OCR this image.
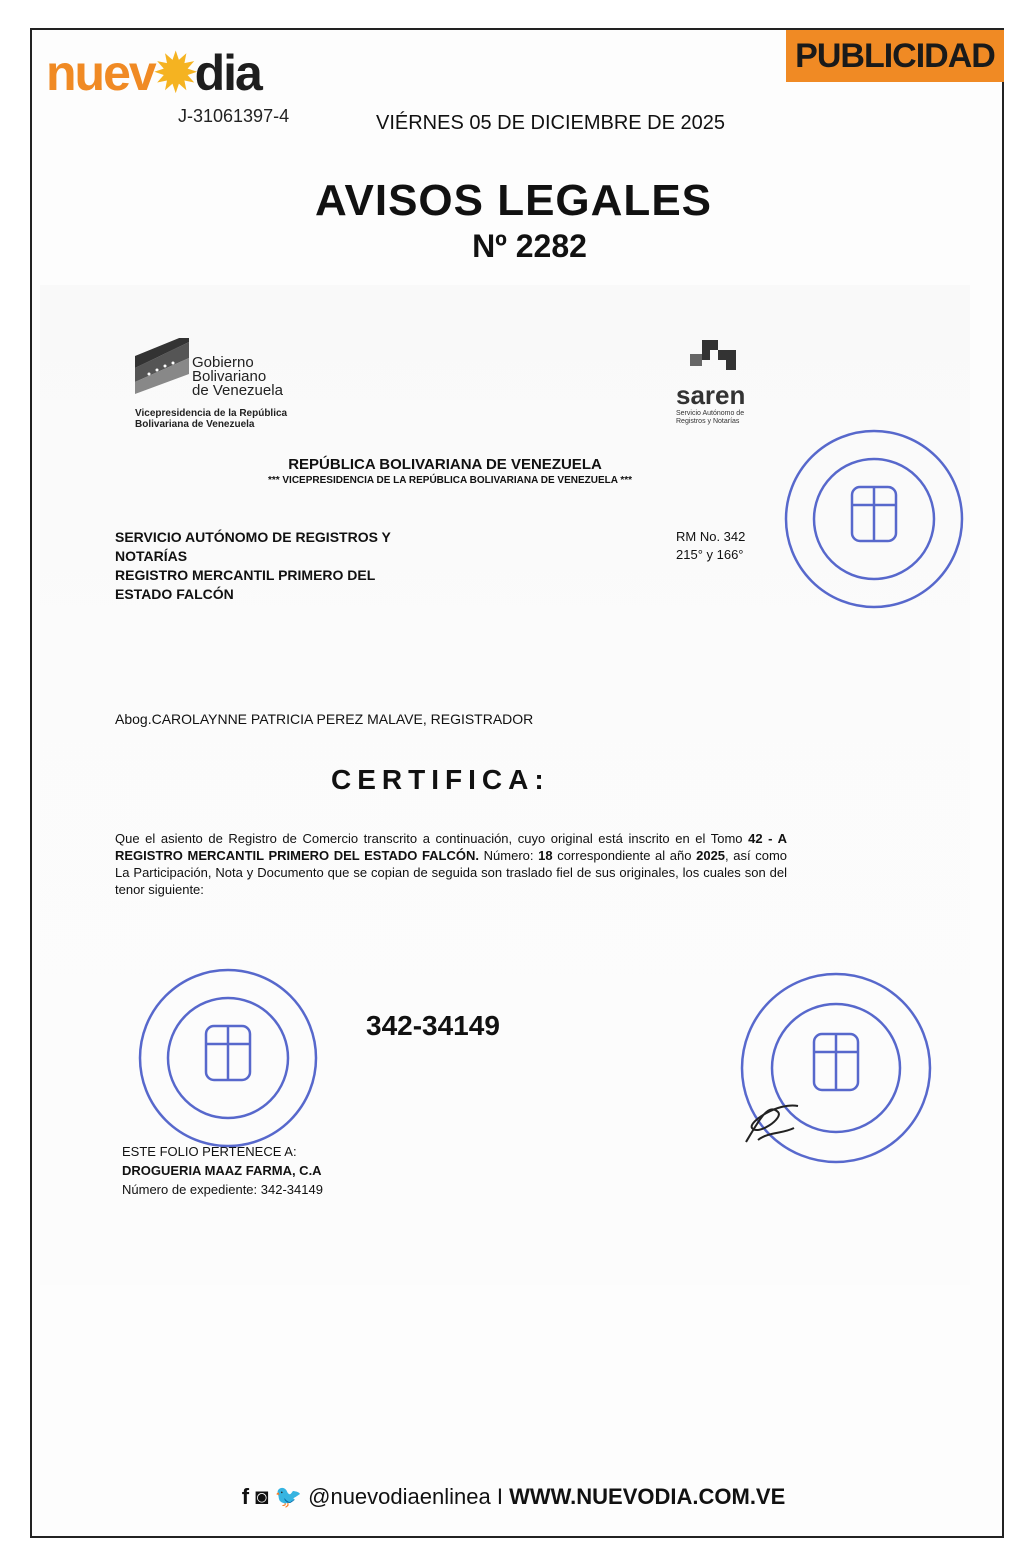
nuev✹dia
J-31061397-4
PUBLICIDAD
VIÉRNES 05 DE DICIEMBRE DE 2025
AVISOS LEGALES
Nº 2282
Gobierno
Bolivariano
de Venezuela
Vicepresidencia de la República
Bolivariana de Venezuela
saren
Servicio Autónomo de
Registros y Notarías
REPÚBLICA BOLIVARIANA DE VENEZUELA
*** VICEPRESIDENCIA DE LA REPÚBLICA BOLIVARIANA DE VENEZUELA ***
SERVICIO AUTÓNOMO DE REGISTROS Y
NOTARÍAS
REGISTRO MERCANTIL PRIMERO DEL
ESTADO FALCÓN
RM No. 342
215° y 166°
Abog.CAROLAYNNE PATRICIA PEREZ MALAVE, REGISTRADOR
CERTIFICA:
Que el asiento de Registro de Comercio transcrito a continuación, cuyo original está inscrito en el Tomo 42 - A REGISTRO MERCANTIL PRIMERO DEL ESTADO FALCÓN. Número: 18 correspondiente al año 2025, así como La Participación, Nota y Documento que se copian de seguida son traslado fiel de sus originales, los cuales son del tenor siguiente:
342-34149
ESTE FOLIO PERTENECE A:
DROGUERIA MAAZ FARMA, C.A
Número de expediente: 342-34149
f ◙ 🐦 @nuevodiaenlinea I WWW.NUEVODIA.COM.VE
